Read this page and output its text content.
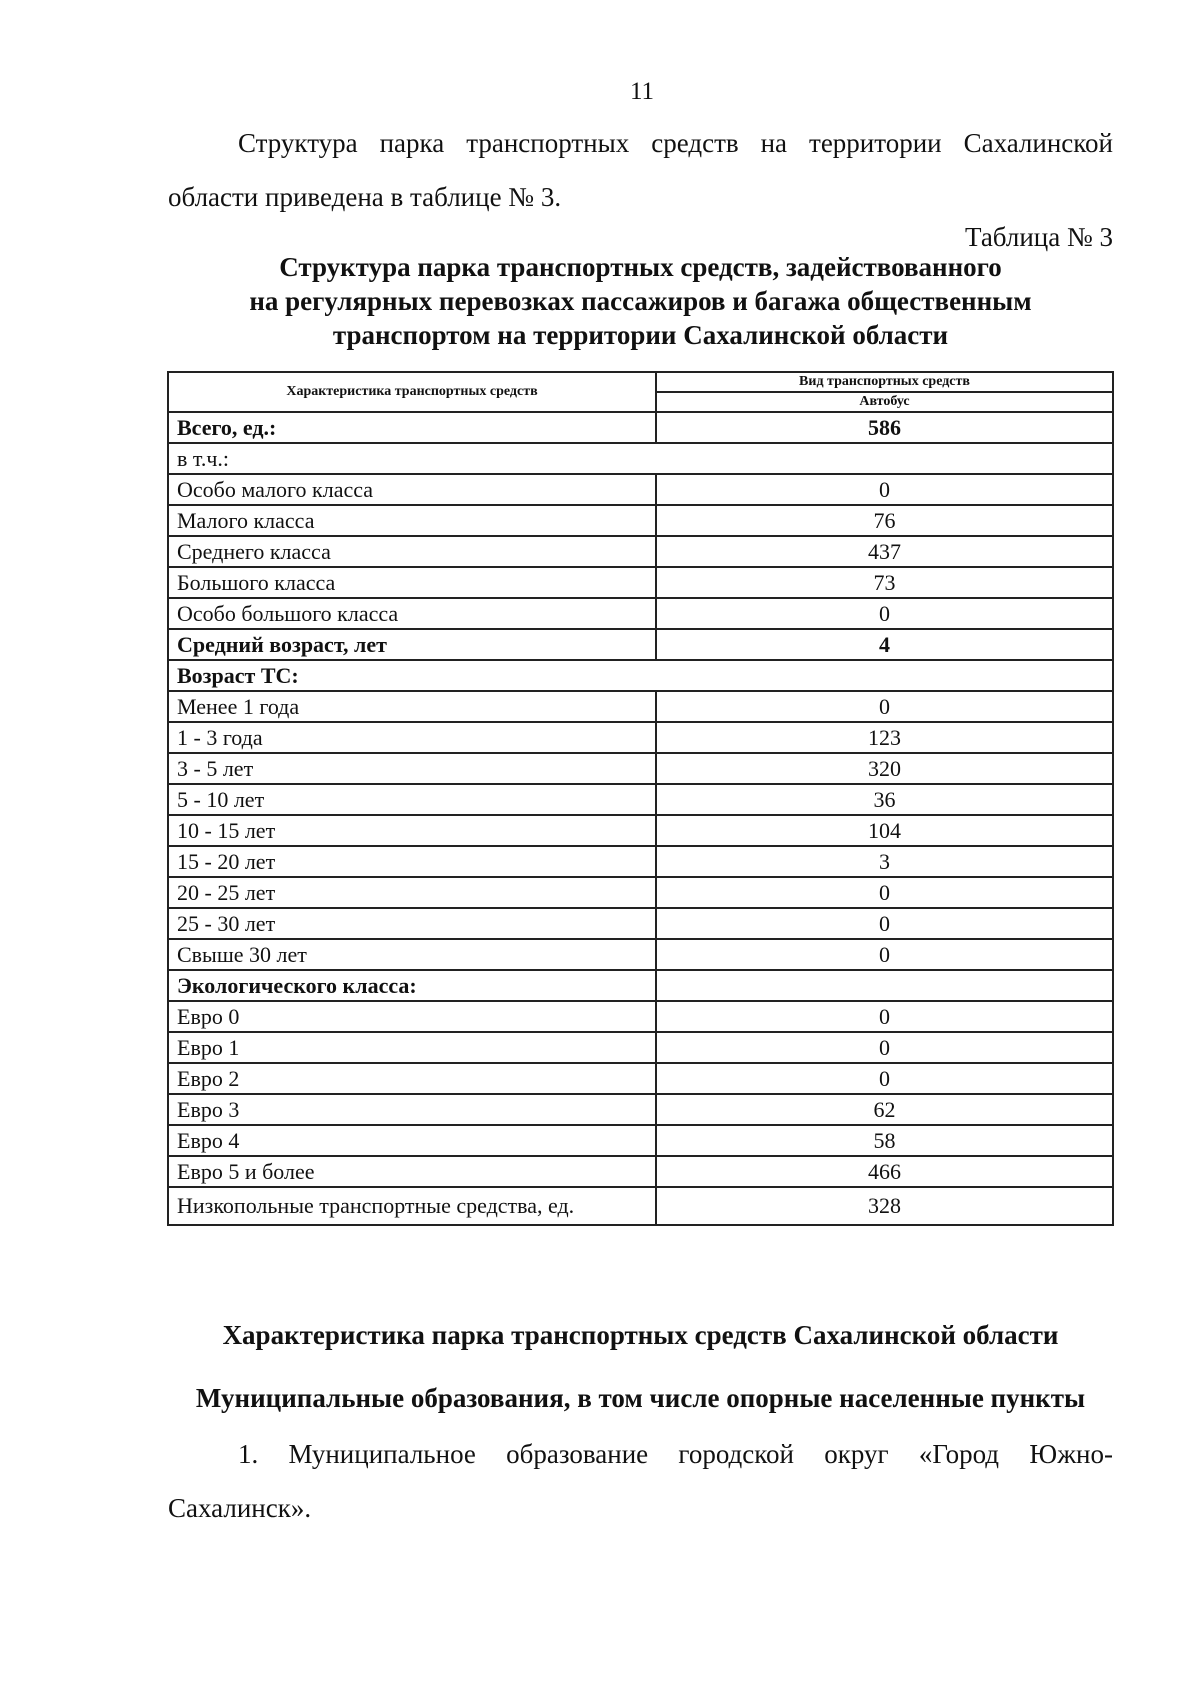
11

Структура парка транспортных средств на территории Сахалинской области приведена в таблице № 3.

Таблица № 3
Структура парка транспортных средств, задействованного
на регулярных перевозках пассажиров и багажа общественным
транспортом на территории Сахалинской области
Характеристика транспортных средств	Вид транспортных средств
	Автобус
Всего, ед.:	586
в т.ч.:	
Особо малого класса	0
Малого класса	76
Среднего класса	437
Большого класса	73
Особо большого класса	0
Средний возраст, лет	4
Возраст ТС:	
Менее 1 года	0
1 - 3 года	123
3 - 5 лет	320
5 - 10 лет	36
10 - 15 лет	104
15 - 20 лет	3
20 - 25 лет	0
25 - 30 лет	0
Свыше 30 лет	0
Экологического класса:	
Евро 0	0
Евро 1	0
Евро 2	0
Евро 3	62
Евро 4	58
Евро 5 и более	466
Низкопольные транспортные средства, ед.	328
Характеристика парка транспортных средств Сахалинской области
Муниципальные образования, в том числе опорные населенные пункты

1. Муниципальное образование городской округ «Город Южно-Сахалинск».
